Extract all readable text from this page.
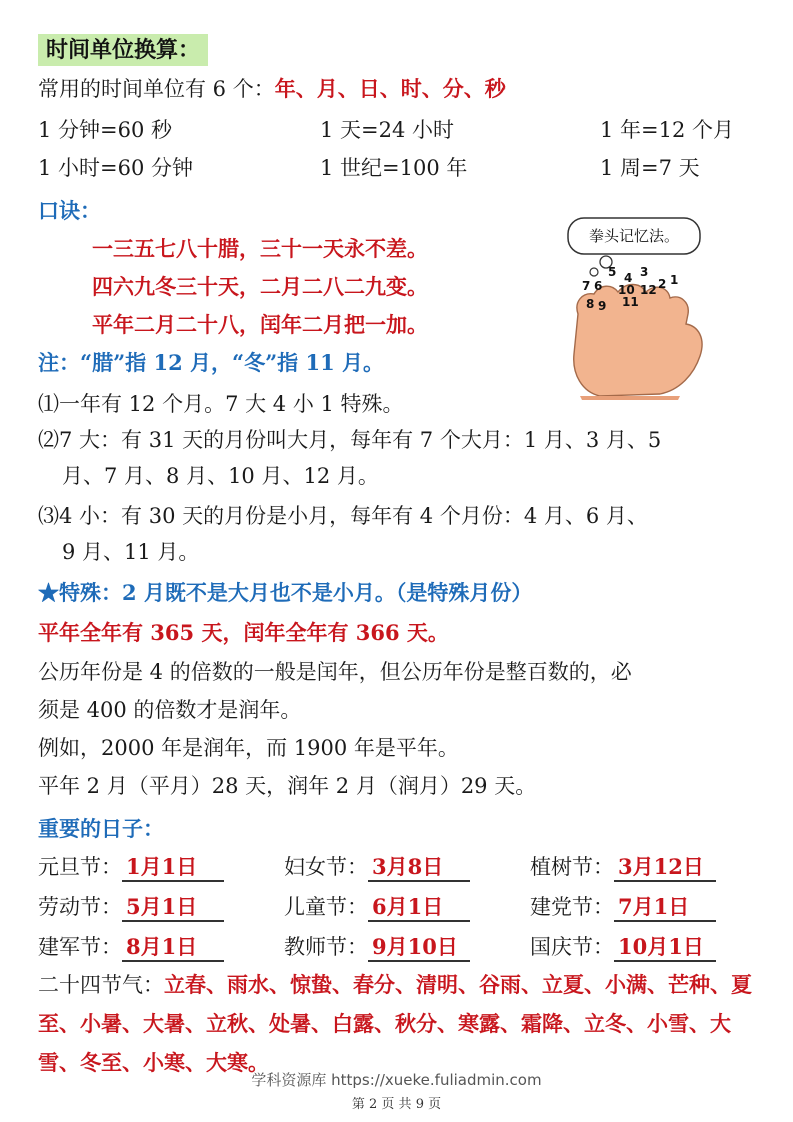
时间单位换算：
常用的时间单位有 6 个：年、月、日、时、分、秒
1 分钟=60 秒	1 天=24 小时	1 年=12 个月
1 小时=60 分钟	1 世纪=100 年	1 周=7 天
口诀：
一三五七八十腊，三十一天永不差。
四六九冬三十天，二月二八二九变。
平年二月二十八，闰年二月把一加。
拳头记忆法。
1
2
3
4
5
6
7
8 9
10
11
12
注：“腊”指 12 月，“冬”指 11 月。
⑴一年有 12 个月。7 大 4 小 1 特殊。
⑵7 大：有 31 天的月份叫大月，每年有 7 个大月：1 月、3 月、5
月、7 月、8 月、10 月、12 月。
⑶4 小：有 30 天的月份是小月，每年有 4 个月份：4 月、6 月、
9 月、11 月。
★特殊：2 月既不是大月也不是小月。（是特殊月份）
平年全年有 365 天，闰年全年有 366 天。
公历年份是 4 的倍数的一般是闰年，但公历年份是整百数的，必
须是 400 的倍数才是润年。
例如，2000 年是润年，而 1900 年是平年。
平年 2 月（平月）28 天，润年 2 月（润月）29 天。
重要的日子：
元旦节： 1月1日	妇女节： 3月8日	植树节： 3月12日
劳动节： 5月1日	儿童节： 6月1日	建党节： 7月1日
建军节： 8月1日	教师节： 9月10日	国庆节： 10月1日
二十四节气：立春、雨水、惊蛰、春分、清明、谷雨、立夏、小满、芒种、夏至、小暑、大暑、立秋、处暑、白露、秋分、寒露、霜降、立冬、小雪、大雪、冬至、小寒、大寒。
学科资源库 https://xueke.fuliadmin.com
第 2 页 共 9 页
